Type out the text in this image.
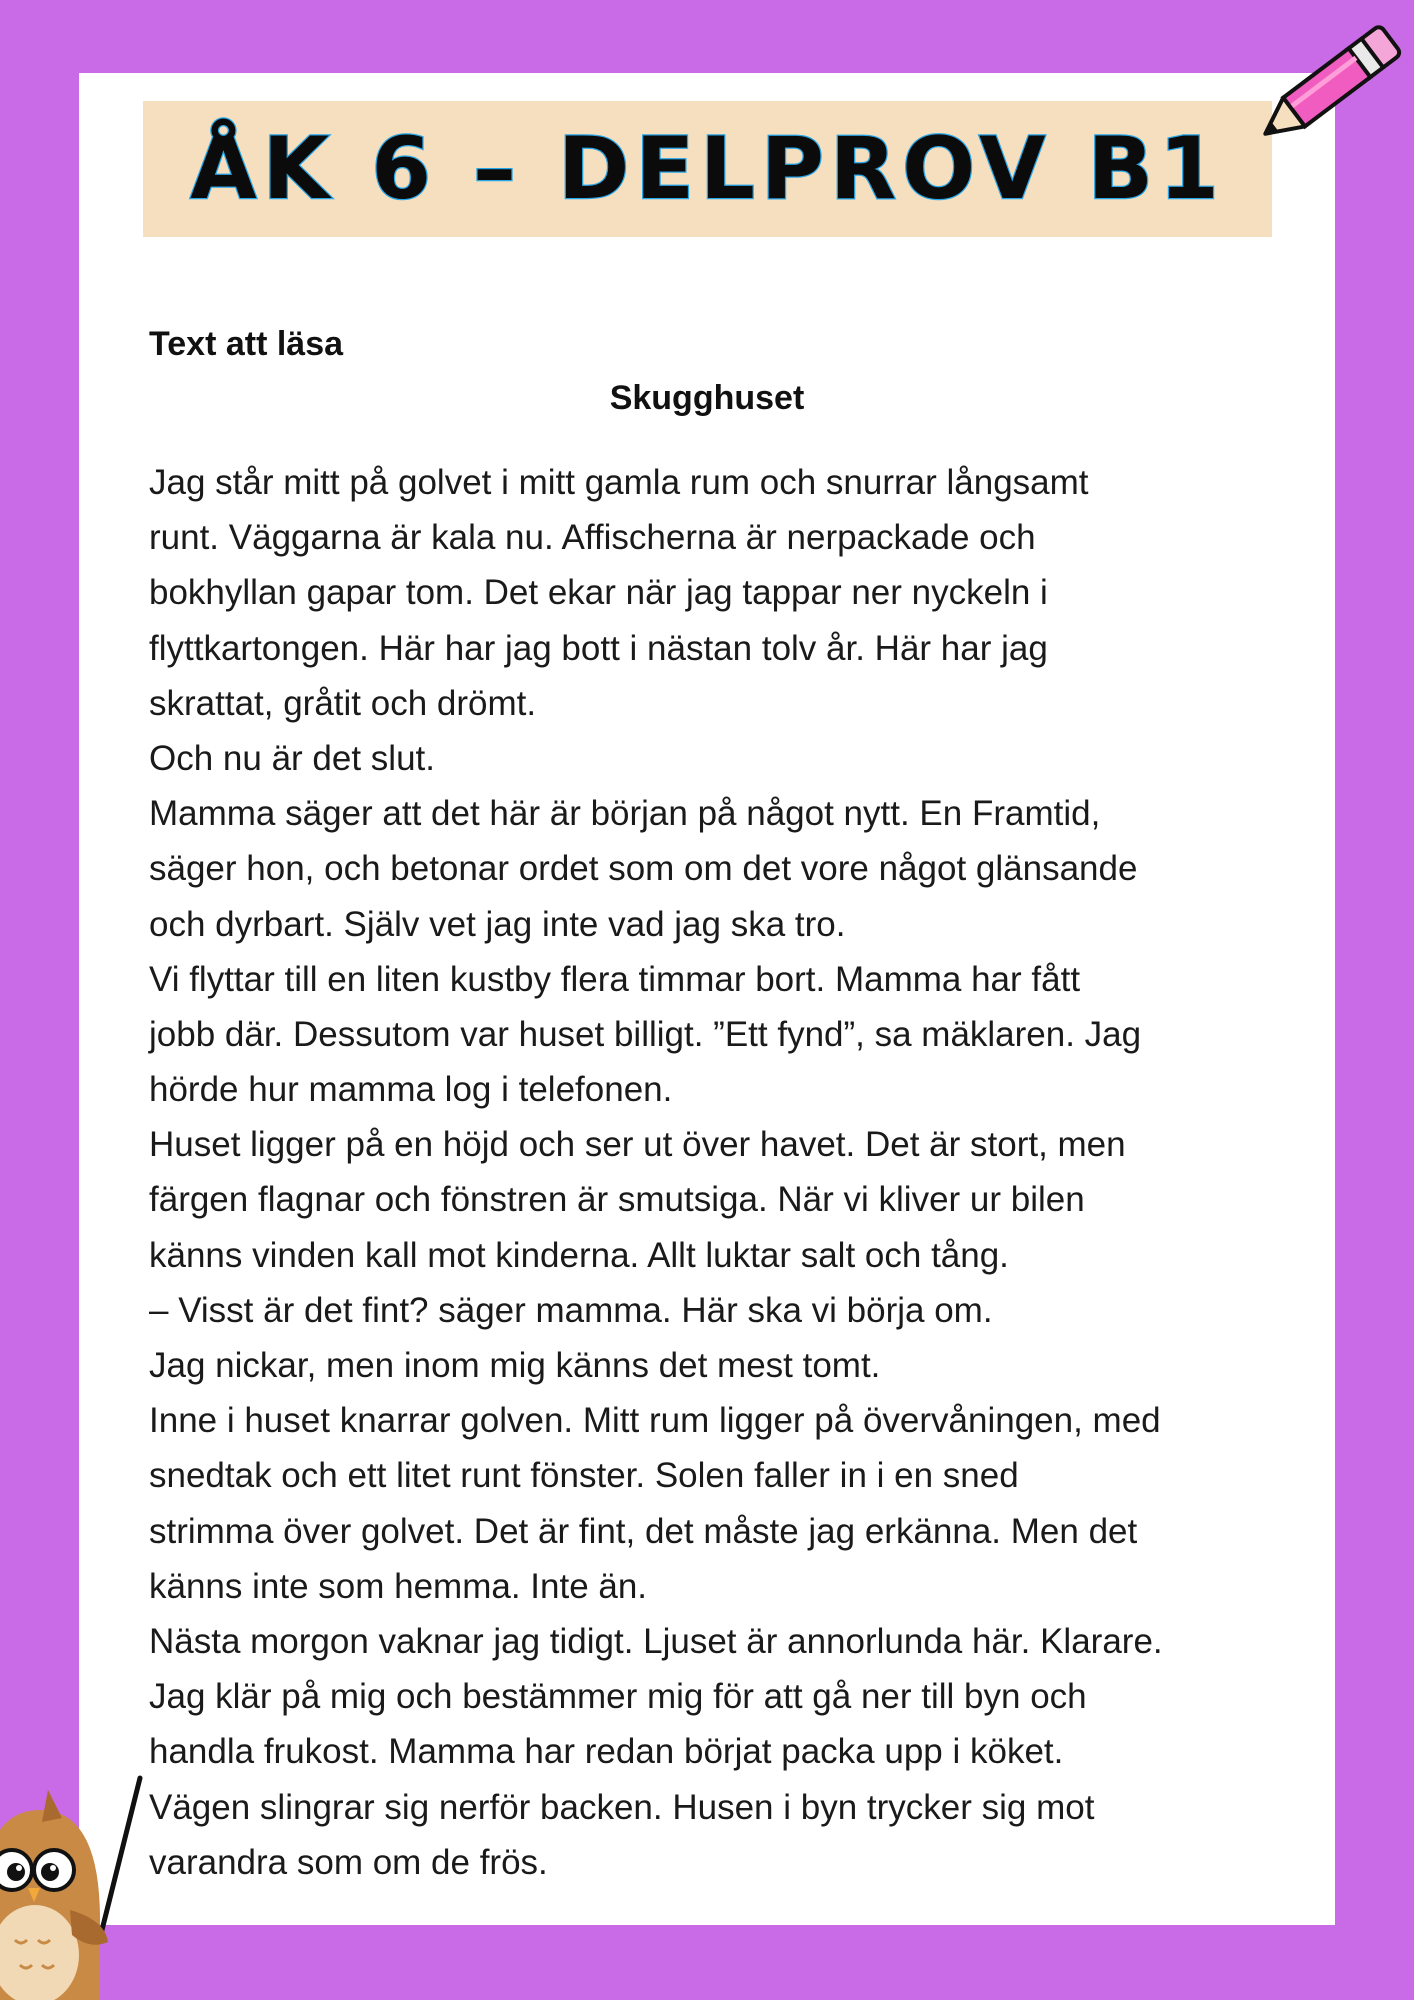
ÅK 6 – DELPROV B1
Text att läsa
Skugghuset
Jag står mitt på golvet i mitt gamla rum och snurrar långsamt
runt. Väggarna är kala nu. Affischerna är nerpackade och
bokhyllan gapar tom. Det ekar när jag tappar ner nyckeln i
flyttkartongen. Här har jag bott i nästan tolv år. Här har jag
skrattat, gråtit och drömt.
Och nu är det slut.
Mamma säger att det här är början på något nytt. En Framtid,
säger hon, och betonar ordet som om det vore något glänsande
och dyrbart. Själv vet jag inte vad jag ska tro.
Vi flyttar till en liten kustby flera timmar bort. Mamma har fått
jobb där. Dessutom var huset billigt. ”Ett fynd”, sa mäklaren. Jag
hörde hur mamma log i telefonen.
Huset ligger på en höjd och ser ut över havet. Det är stort, men
färgen flagnar och fönstren är smutsiga. När vi kliver ur bilen
känns vinden kall mot kinderna. Allt luktar salt och tång.
– Visst är det fint? säger mamma. Här ska vi börja om.
Jag nickar, men inom mig känns det mest tomt.
Inne i huset knarrar golven. Mitt rum ligger på övervåningen, med
snedtak och ett litet runt fönster. Solen faller in i en sned
strimma över golvet. Det är fint, det måste jag erkänna. Men det
känns inte som hemma. Inte än.
Nästa morgon vaknar jag tidigt. Ljuset är annorlunda här. Klarare.
Jag klär på mig och bestämmer mig för att gå ner till byn och
handla frukost. Mamma har redan börjat packa upp i köket.
Vägen slingrar sig nerför backen. Husen i byn trycker sig mot
varandra som om de frös.
